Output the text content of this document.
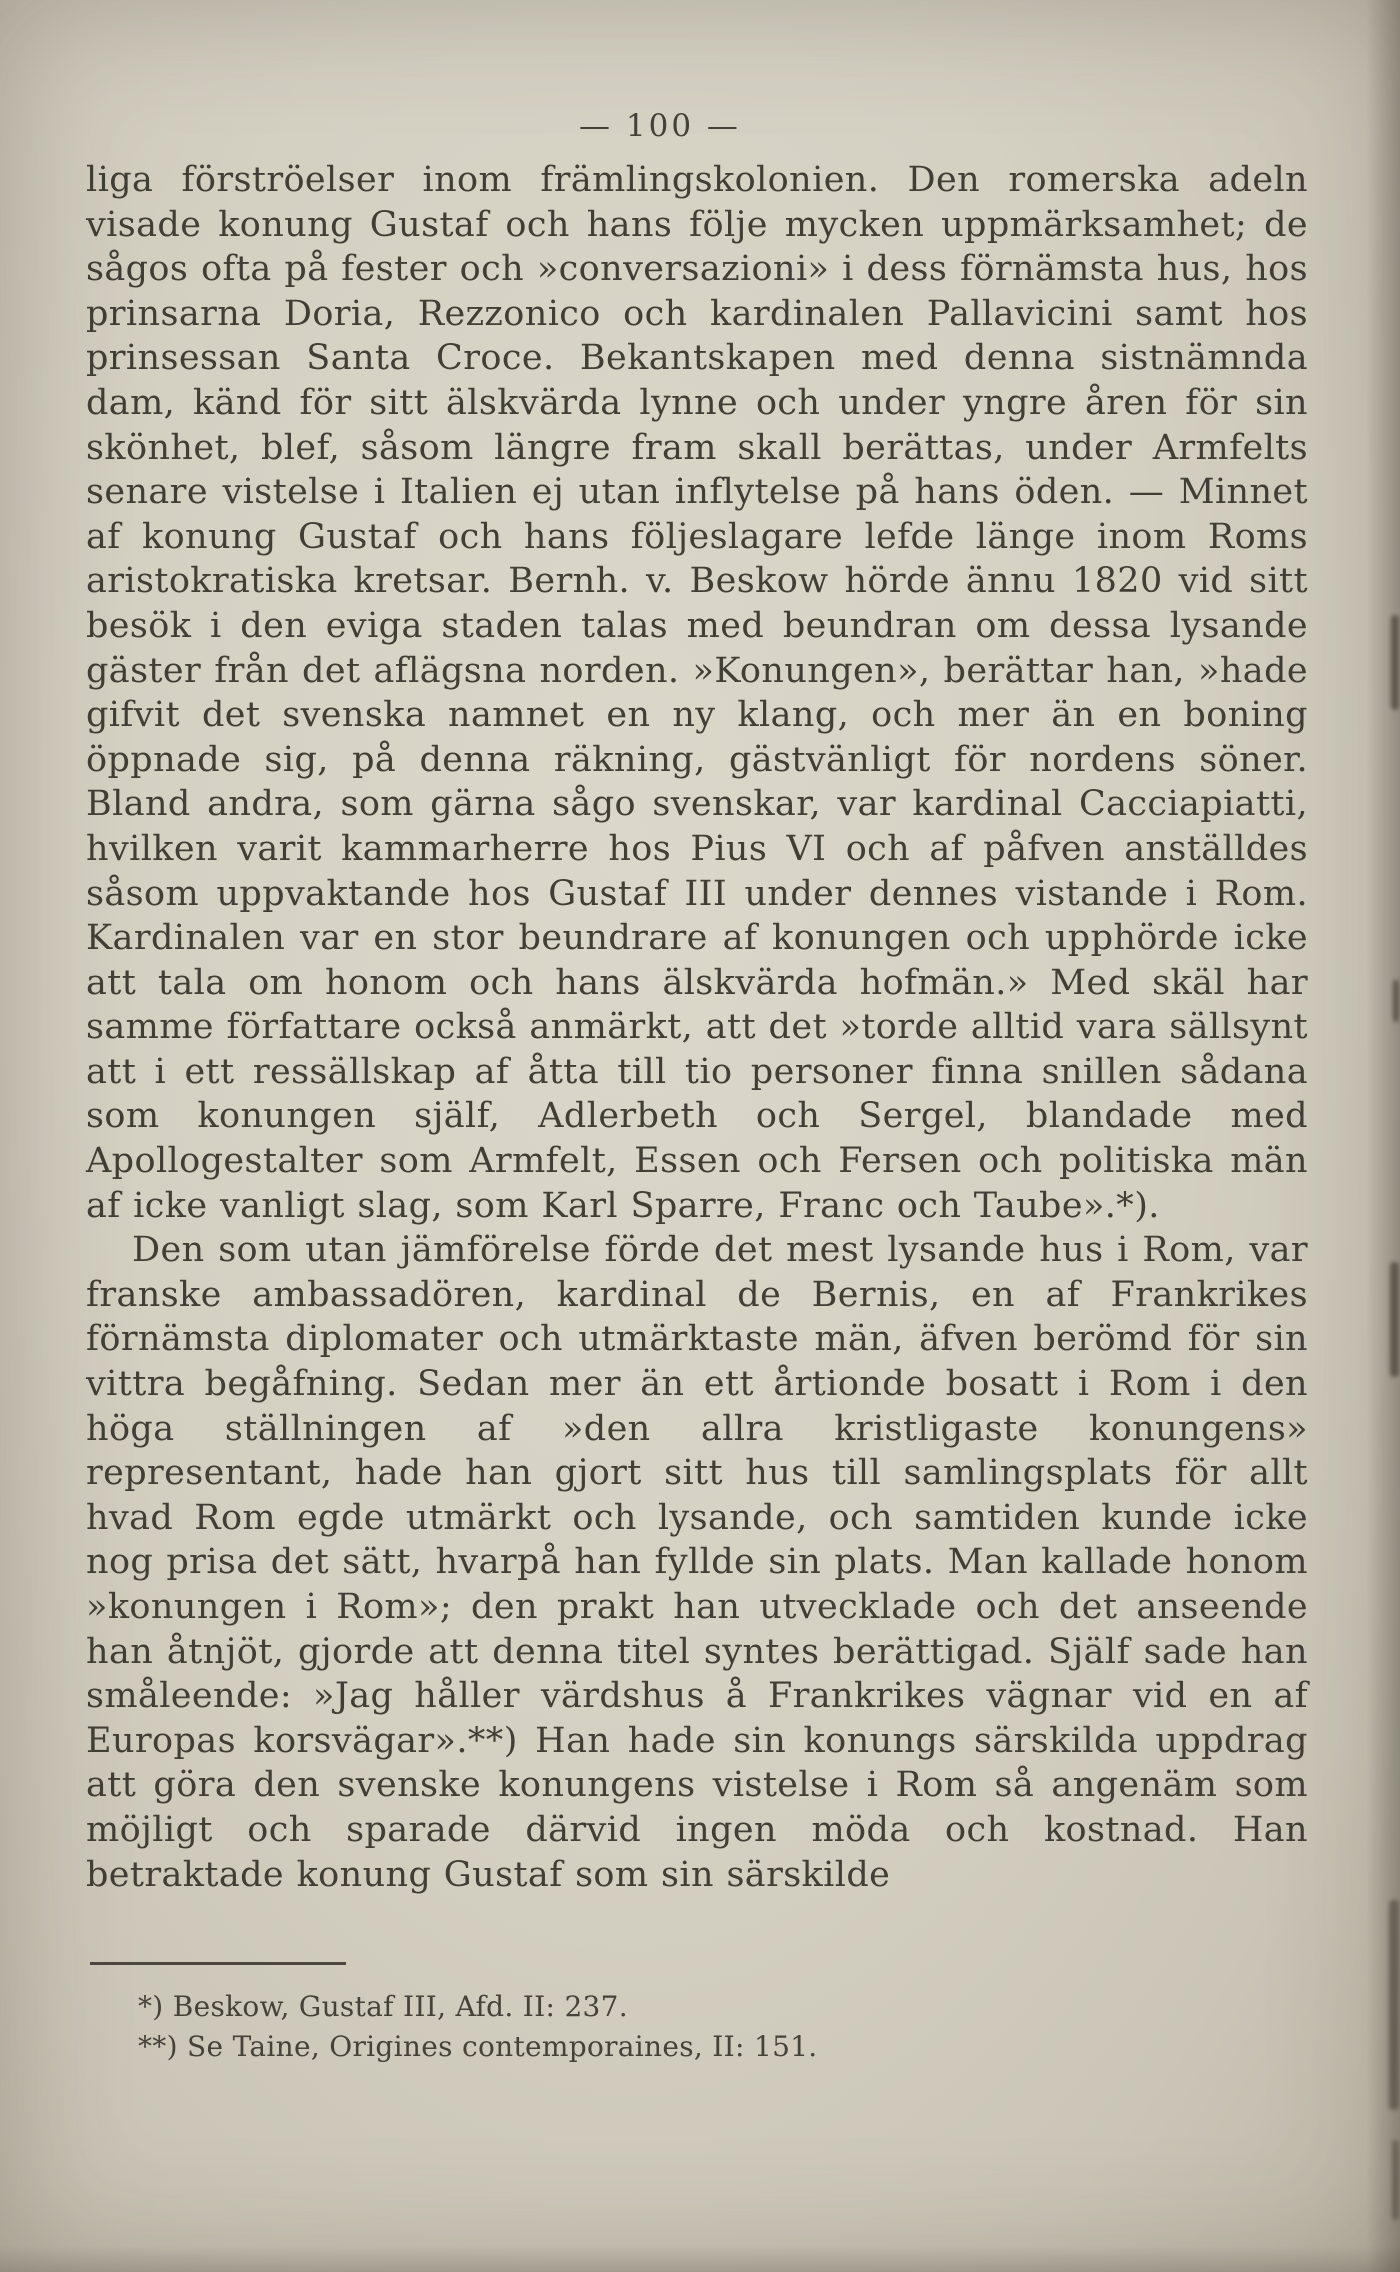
— 100 —

liga förströelser inom främlingskolonien. Den romerska adeln visade konung Gustaf och hans följe mycken uppmärksamhet; de sågos ofta på fester och »conversazioni» i dess förnämsta hus, hos prinsarna Doria, Rezzonico och kardinalen Pallavicini samt hos prinsessan Santa Croce. Bekantskapen med denna sistnämnda dam, känd för sitt älskvärda lynne och under yngre åren för sin skönhet, blef, såsom längre fram skall berättas, under Armfelts senare vistelse i Italien ej utan inflytelse på hans öden. — Minnet af konung Gustaf och hans följeslagare lefde länge inom Roms aristokratiska kretsar. Bernh. v. Beskow hörde ännu 1820 vid sitt besök i den eviga staden talas med beundran om dessa lysande gäster från det aflägsna norden. »Konungen», berättar han, »hade gifvit det svenska namnet en ny klang, och mer än en boning öppnade sig, på denna räkning, gästvänligt för nordens söner. Bland andra, som gärna sågo svenskar, var kardinal Cacciapiatti, hvilken varit kammarherre hos Pius VI och af påfven anställdes såsom uppvaktande hos Gustaf III under dennes vistande i Rom. Kardinalen var en stor beundrare af konungen och upphörde icke att tala om honom och hans älskvärda hofmän.» Med skäl har samme författare också anmärkt, att det »torde alltid vara sällsynt att i ett ressällskap af åtta till tio personer finna snillen sådana som konungen själf, Adlerbeth och Sergel, blandade med Apollogestalter som Armfelt, Essen och Fersen och politiska män af icke vanligt slag, som Karl Sparre, Franc och Taube».*).

Den som utan jämförelse förde det mest lysande hus i Rom, var franske ambassadören, kardinal de Bernis, en af Frankrikes förnämsta diplomater och utmärktaste män, äfven berömd för sin vittra begåfning. Sedan mer än ett årtionde bosatt i Rom i den höga ställningen af »den allra kristligaste konungens» representant, hade han gjort sitt hus till samlingsplats för allt hvad Rom egde utmärkt och lysande, och samtiden kunde icke nog prisa det sätt, hvarpå han fyllde sin plats. Man kallade honom »konungen i Rom»; den prakt han utvecklade och det anseende han åtnjöt, gjorde att denna titel syntes berättigad. Själf sade han småleende: »Jag håller värdshus å Frankrikes vägnar vid en af Europas korsvägar».**) Han hade sin konungs särskilda uppdrag att göra den svenske konungens vistelse i Rom så angenäm som möjligt och sparade därvid ingen möda och kostnad. Han betraktade konung Gustaf som sin särskilde

*) Beskow, Gustaf III, Afd. II: 237.
**) Se Taine, Origines contemporaines, II: 151.
